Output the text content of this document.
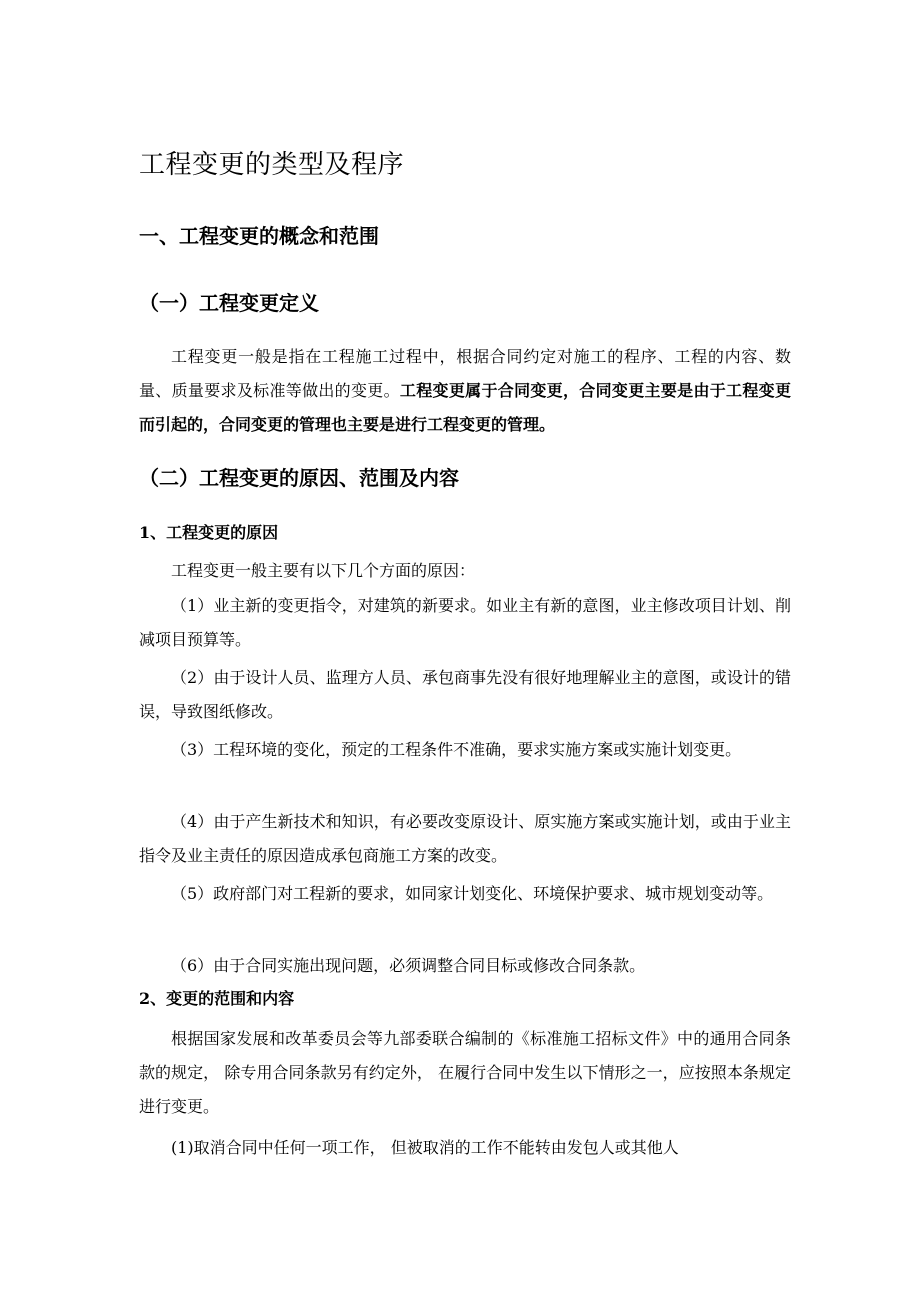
工程变更的类型及程序
一、工程变更的概念和范围
（一）工程变更定义

工程变更一般是指在工程施工过程中，根据合同约定对施工的程序、工程的内容、数量、质量要求及标准等做出的变更。工程变更属于合同变更，合同变更主要是由于工程变更而引起的，合同变更的管理也主要是进行工程变更的管理。

（二）工程变更的原因、范围及内容
1、工程变更的原因

工程变更一般主要有以下几个方面的原因：

（1）业主新的变更指令，对建筑的新要求。如业主有新的意图，业主修改项目计划、削减项目预算等。

（2）由于设计人员、监理方人员、承包商事先没有很好地理解业主的意图，或设计的错误，导致图纸修改。

（3）工程环境的变化，预定的工程条件不准确，要求实施方案或实施计划变更。

（4）由于产生新技术和知识，有必要改变原设计、原实施方案或实施计划，或由于业主指令及业主责任的原因造成承包商施工方案的改变。

（5）政府部门对工程新的要求，如同家计划变化、环境保护要求、城市规划变动等。

（6）由于合同实施出现问题，必须调整合同目标或修改合同条款。

2、变更的范围和内容

根据国家发展和改革委员会等九部委联合编制的《标准施工招标文件》中的通用合同条款的规定， 除专用合同条款另有约定外， 在履行合同中发生以下情形之一，应按照本条规定进行变更。

(1)取消合同中任何一项工作， 但被取消的工作不能转由发包人或其他人
